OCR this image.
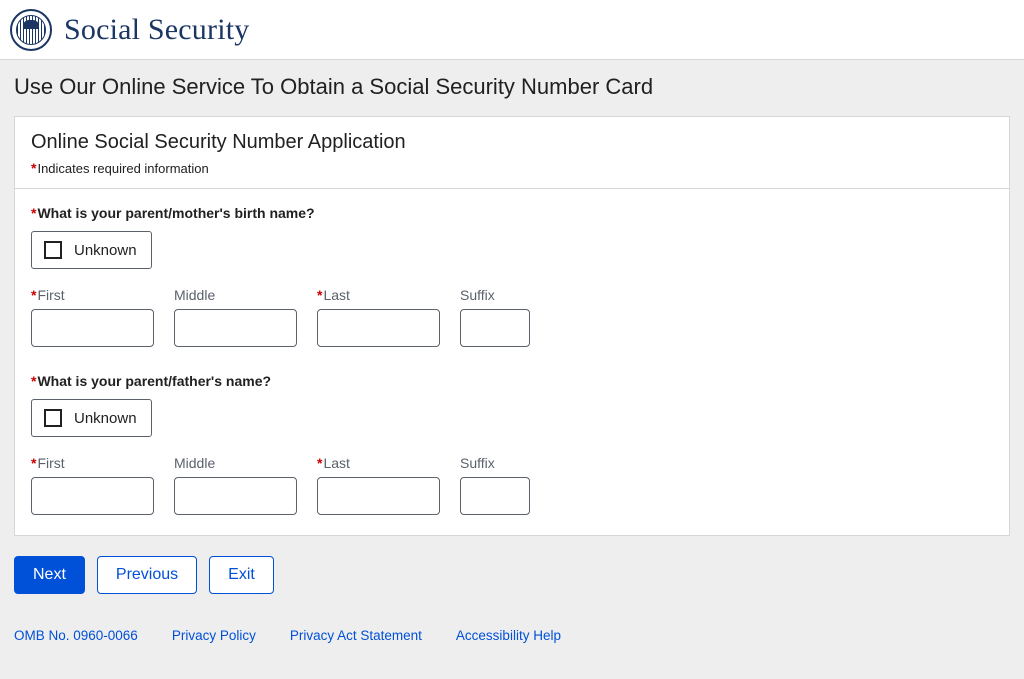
Social Security
Use Our Online Service To Obtain a Social Security Number Card
Online Social Security Number Application
*Indicates required information
*What is your parent/mother's birth name?
Unknown
*First	Middle	*Last	Suffix
*What is your parent/father's name?
Unknown
*First	Middle	*Last	Suffix
Next	Previous	Exit
OMB No. 0960-0066	Privacy Policy	Privacy Act Statement	Accessibility Help
